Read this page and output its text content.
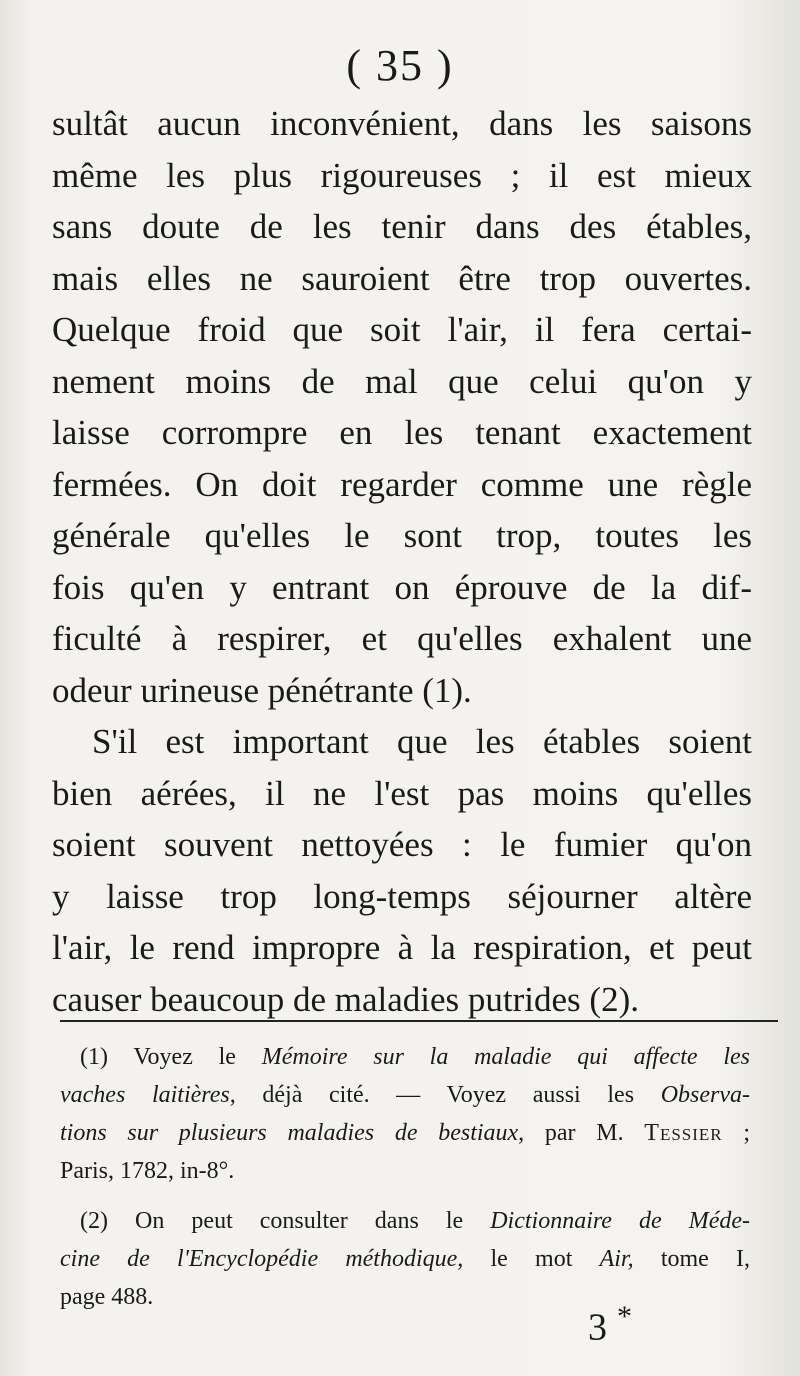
( 35 )
sultât aucun inconvénient, dans les saisons
même les plus rigoureuses ; il est mieux
sans doute de les tenir dans des étables,
mais elles ne sauroient être trop ouvertes.
Quelque froid que soit l'air, il fera certai-
nement moins de mal que celui qu'on y
laisse corrompre en les tenant exactement
fermées. On doit regarder comme une règle
générale qu'elles le sont trop, toutes les
fois qu'en y entrant on éprouve de la dif-
ficulté à respirer, et qu'elles exhalent une
odeur urineuse pénétrante (1).
S'il est important que les étables soient
bien aérées, il ne l'est pas moins qu'elles
soient souvent nettoyées : le fumier qu'on
y laisse trop long-temps séjourner altère
l'air, le rend impropre à la respiration, et peut
causer beaucoup de maladies putrides (2).
(1) Voyez le Mémoire sur la maladie qui affecte les
vaches laitières, déjà cité. — Voyez aussi les Observa-
tions sur plusieurs maladies de bestiaux, par M. Tessier ;
Paris, 1782, in-8°.
(2) On peut consulter dans le Dictionnaire de Méde-
cine de l'Encyclopédie méthodique, le mot Air, tome I,
page 488.
3 *
